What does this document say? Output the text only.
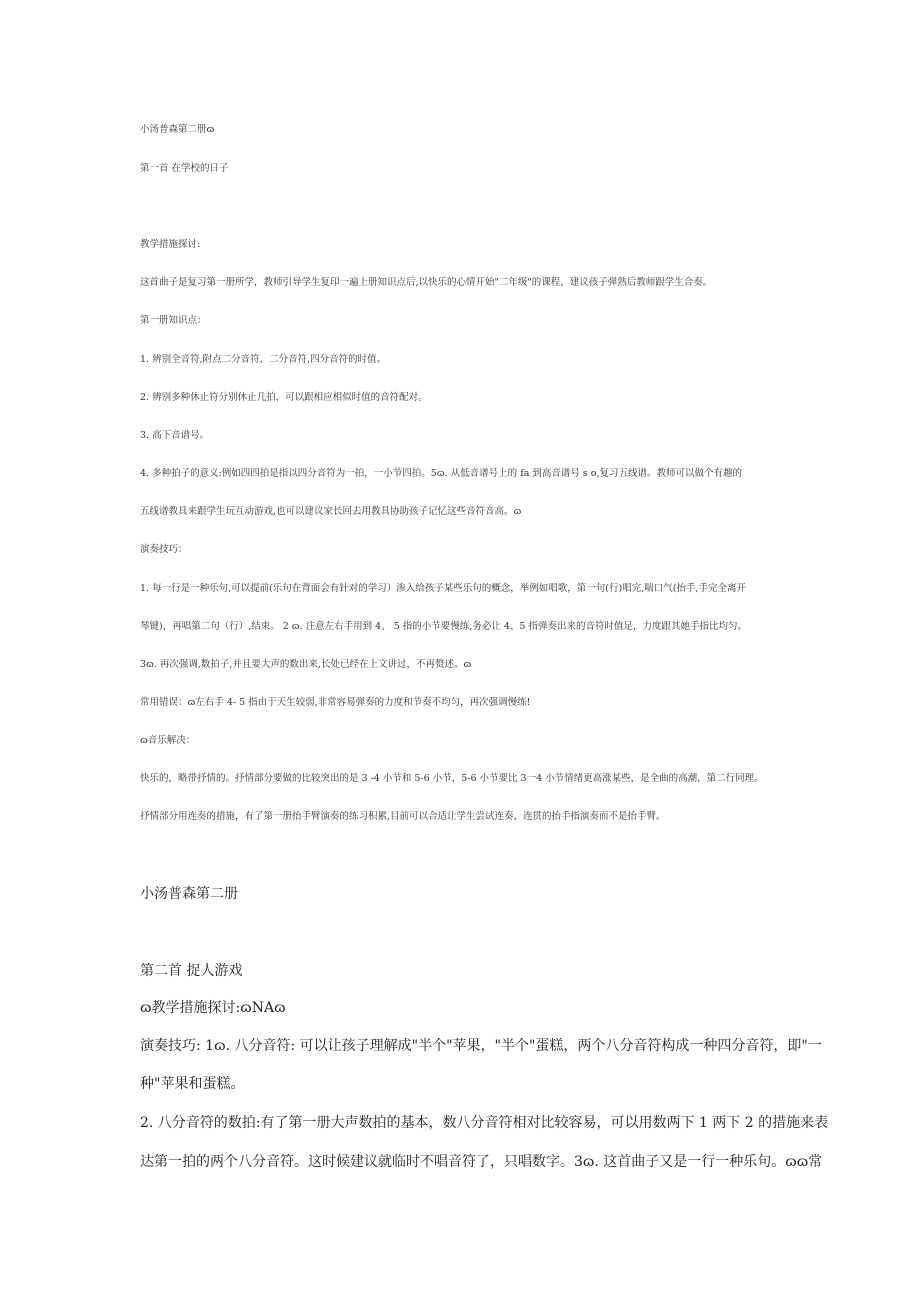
小汤普森第二册ɷ

第一首 在学校的日子

教学措施探讨:

这首曲子是复习第一册所学，教师引导学生复印一遍上册知识点后,以快乐的心情开始"二年级"的课程，建议孩子弹熟后教师跟学生合奏。

第一册知识点：

1. 辨别全音符,附点二分音符，二分音符,四分音符的时值。

2. 辨别多种休止符分别休止几拍，可以跟相应相似时值的音符配对。

3. 高下音谱号。

4. 多种拍子的意义:例如四四拍是指以四分音符为一拍，一小节四拍。5ɷ. 从低音谱号上的 fa 到高音谱号 s o,复习五线谱。教师可以做个有趣的

五线谱教具来跟学生玩互动游戏,也可以建议家长回去用教具协助孩子记忆这些音符音高。ɷ

演奏技巧：

1. 每一行是一种乐句,可以提前(乐句在背面会有针对的学习）渗入给孩子某些乐句的概念，举例如唱歌，第一句(行)唱完,喘口气(抬手,手完全离开

琴键)，再唱第二句（行）,结束。 2 ɷ. 注意左右手用到 4、 5 指的小节要慢练,务必让 4、5 指弹奏出来的音符时值足，力度跟其她手指比均匀。

3ɷ. 再次强调,数拍子,并且要大声的数出来,长处已经在上文讲过，不再赘述。ɷ

常用错误：ɷ左右手 4- 5 指由于天生较弱,非常容易弹奏的力度和节奏不均匀，再次强调慢练!

ɷ音乐解决：

快乐的，略带抒情的。抒情部分要做的比较突出的是 3 -4 小节和 5-6 小节，5-6 小节要比 3一4 小节情绪更高涨某些，是全曲的高潮，第二行同理。

抒情部分用连奏的措施，有了第一册抬手臂演奏的练习积累,目前可以合适让学生尝试连奏，连贯的抬手指演奏而不是抬手臂。

小汤普森第二册

第二首 捉人游戏

ɷ教学措施探讨:ɷNAɷ

演奏技巧: 1ɷ. 八分音符: 可以让孩子理解成"半个"苹果，"半个"蛋糕，两个八分音符构成一种四分音符，即"一

种"苹果和蛋糕。

2. 八分音符的数拍:有了第一册大声数拍的基本，数八分音符相对比较容易，可以用数两下 1 两下 2 的措施来表

达第一拍的两个八分音符。这时候建议就临时不唱音符了，只唱数字。3ɷ. 这首曲子又是一行一种乐句。ɷɷ常
